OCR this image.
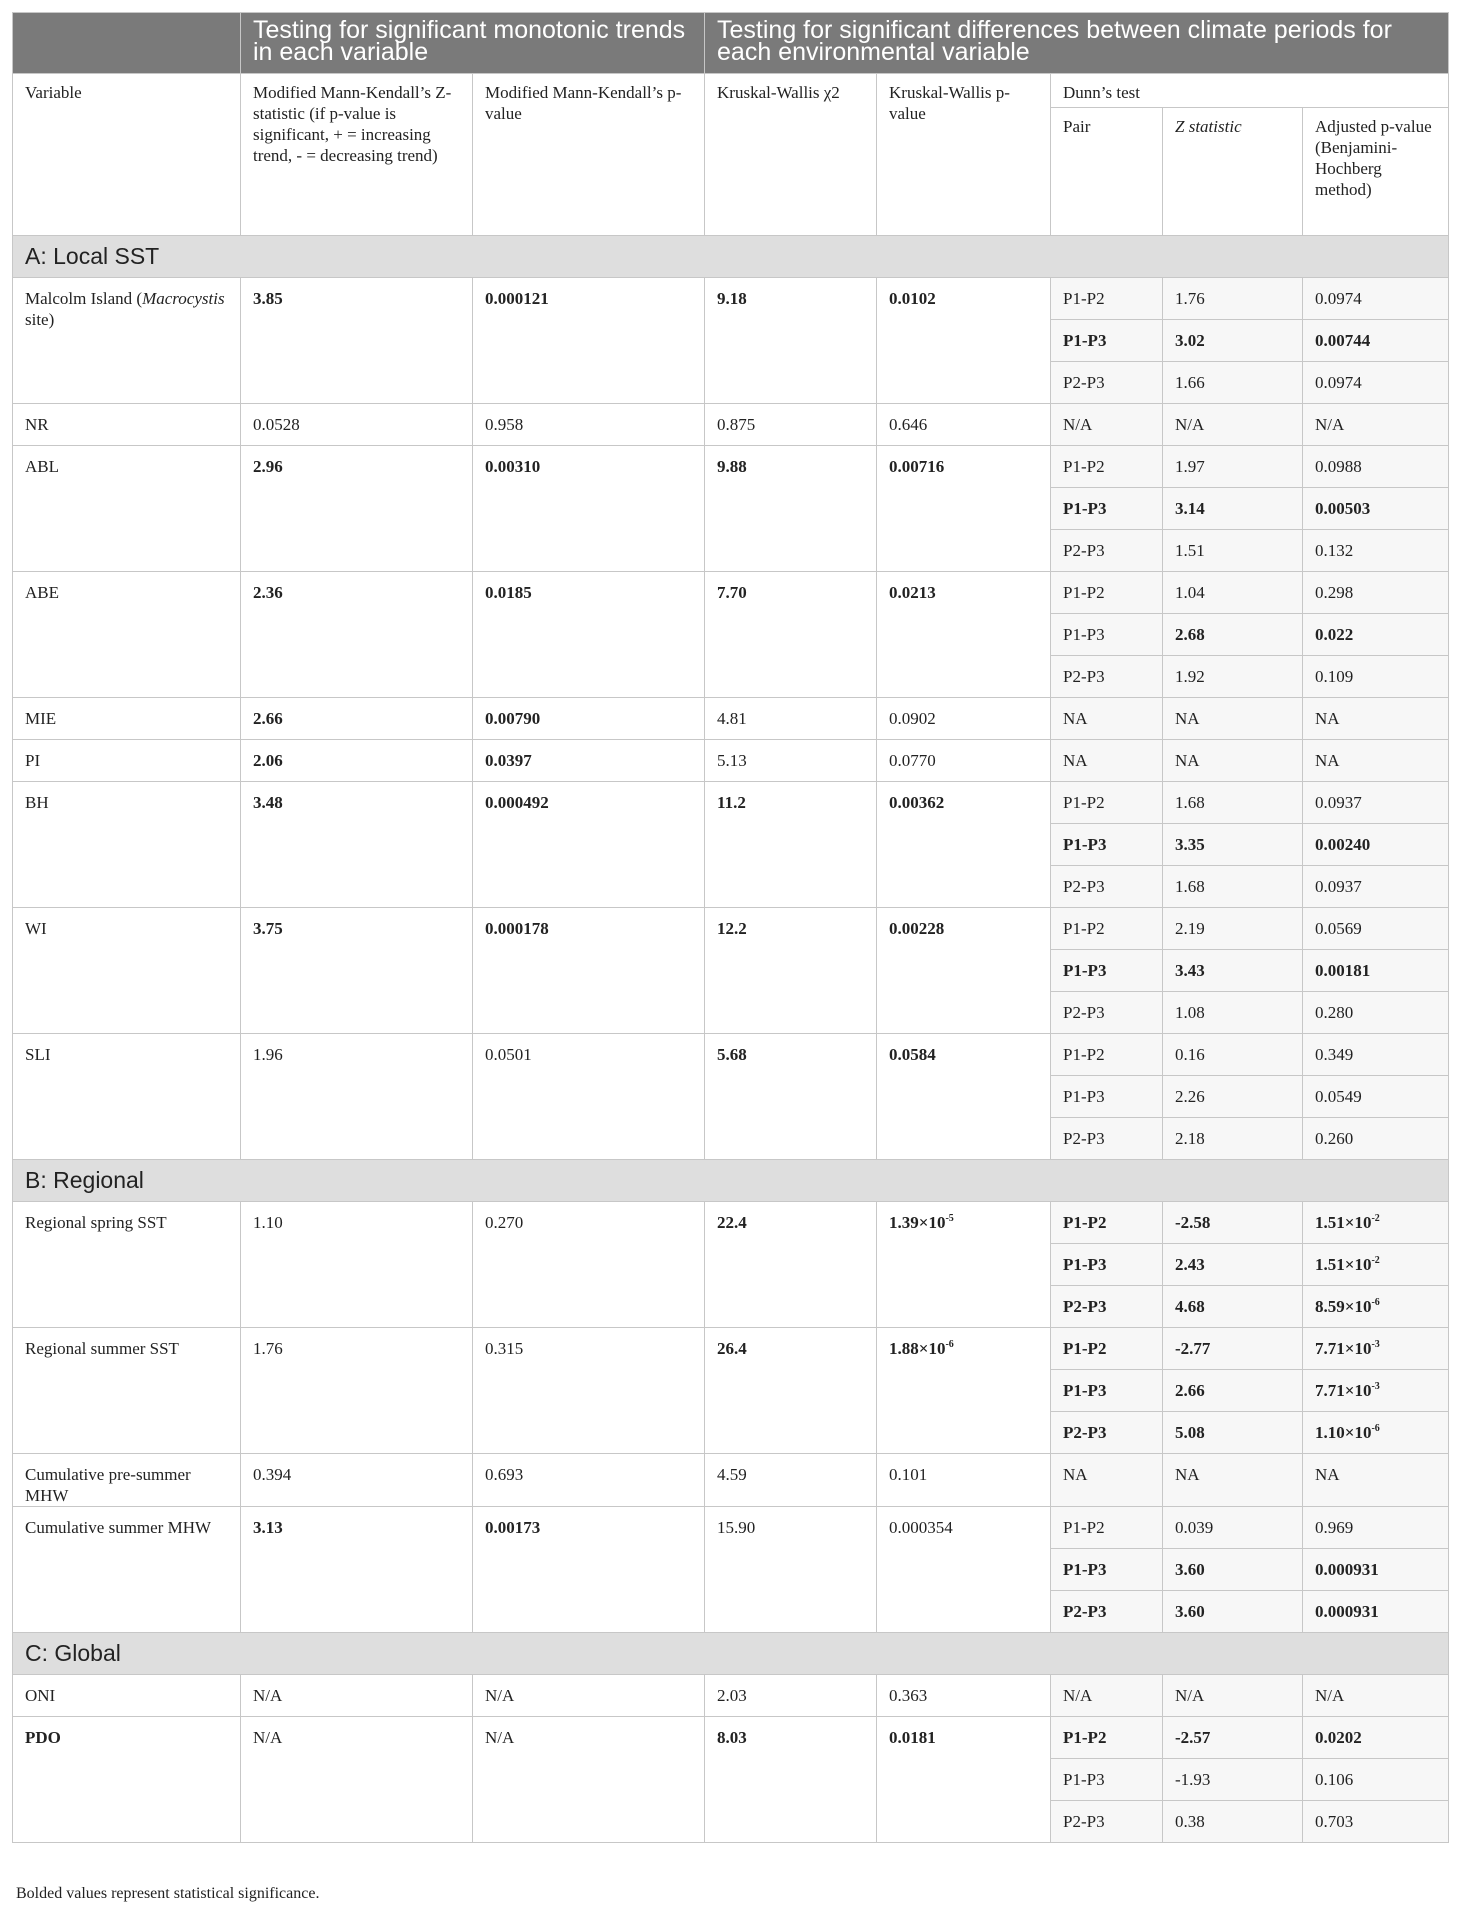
	Testing for significant monotonic trends in each variable		Testing for significant differences between climate periods for each environmental variable				
Variable	Modified Mann-Kendall’s Z-statistic (if p-value is significant, + = increasing trend, - = decreasing trend)	Modified Mann-Kendall’s p-value	Kruskal-Wallis χ2	Kruskal-Wallis p-value	Dunn’s test		
					Pair	Z statistic	Adjusted p-value (Benjamini-Hochberg method)
A: Local SST							
Malcolm Island (Macrocystis site)	3.85	0.000121	9.18	0.0102	P1-P2	1.76	0.0974
					P1-P3	3.02	0.00744
					P2-P3	1.66	0.0974
NR	0.0528	0.958	0.875	0.646	N/A	N/A	N/A
ABL	2.96	0.00310	9.88	0.00716	P1-P2	1.97	0.0988
					P1-P3	3.14	0.00503
					P2-P3	1.51	0.132
ABE	2.36	0.0185	7.70	0.0213	P1-P2	1.04	0.298
					P1-P3	2.68	0.022
					P2-P3	1.92	0.109
MIE	2.66	0.00790	4.81	0.0902	NA	NA	NA
PI	2.06	0.0397	5.13	0.0770	NA	NA	NA
BH	3.48	0.000492	11.2	0.00362	P1-P2	1.68	0.0937
					P1-P3	3.35	0.00240
					P2-P3	1.68	0.0937
WI	3.75	0.000178	12.2	0.00228	P1-P2	2.19	0.0569
					P1-P3	3.43	0.00181
					P2-P3	1.08	0.280
SLI	1.96	0.0501	5.68	0.0584	P1-P2	0.16	0.349
					P1-P3	2.26	0.0549
					P2-P3	2.18	0.260
B: Regional							
Regional spring SST	1.10	0.270	22.4	$1.39\times 10^{-5}$	P1-P2	-2.58	$1.51\times 10^{-2}$
					P1-P3	2.43	$1.51\times 10^{-2}$
					P2-P3	4.68	$8.59\times 10^{-6}$
Regional summer SST	1.76	0.315	26.4	$1.88\times 10^{-6}$	P1-P2	-2.77	$7.71\times 10^{-3}$
					P1-P3	2.66	$7.71\times 10^{-3}$
					P2-P3	5.08	$1.10\times 10^{-6}$
Cumulative pre-summer MHW	0.394	0.693	4.59	0.101	NA	NA	NA
Cumulative summer MHW	3.13	0.00173	15.90	0.000354	P1-P2	0.039	0.969
					P1-P3	3.60	0.000931
					P2-P3	3.60	0.000931
C: Global							
ONI	N/A	N/A	2.03	0.363	N/A	N/A	N/A
PDO	N/A	N/A	8.03	0.0181	P1-P2	-2.57	0.0202
					P1-P3	-1.93	0.106
					P2-P3	0.38	0.703
Bolded values represent statistical significance.
